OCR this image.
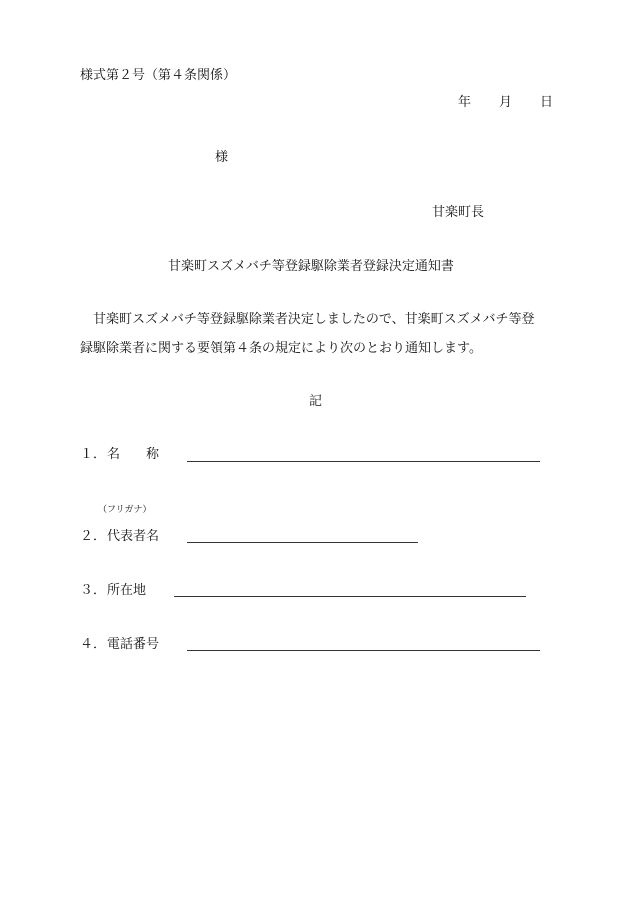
様式第２号（第４条関係）
年 月 日
様
甘楽町長
甘楽町スズメバチ等登録駆除業者登録決定通知書
甘楽町スズメバチ等登録駆除業者決定しましたので、甘楽町スズメバチ等登
録駆除業者に関する要領第４条の規定により次のとおり通知します。
記
１． 名　　称
（フリガナ）
２． 代表者名
３． 所在地
４． 電話番号
